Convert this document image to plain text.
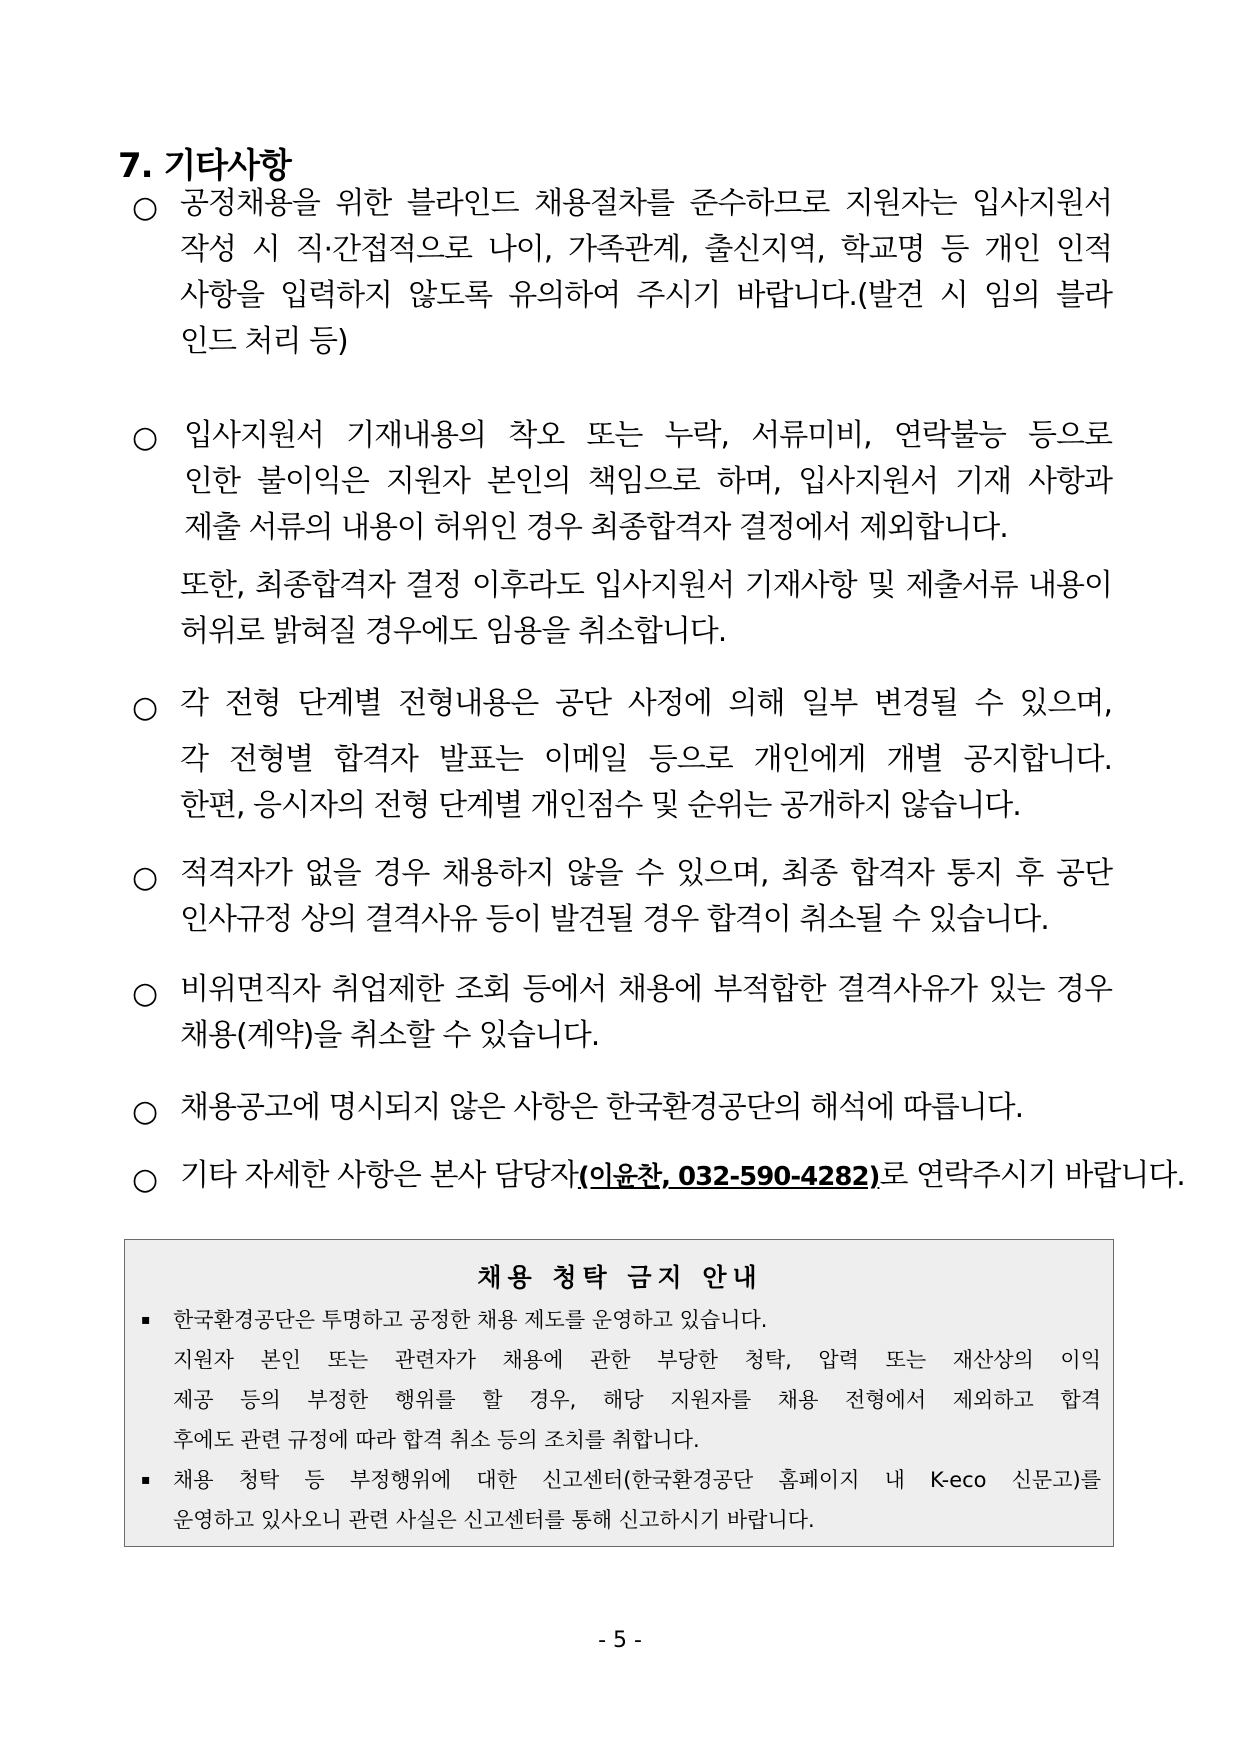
7. 기타사항
○ 공정채용을 위한 블라인드 채용절차를 준수하므로 지원자는 입사지원서
작성 시 직·간접적으로 나이, 가족관계, 출신지역, 학교명 등 개인 인적
사항을 입력하지 않도록 유의하여 주시기 바랍니다.(발견 시 임의 블라
인드 처리 등)
○ 입사지원서 기재내용의 착오 또는 누락, 서류미비, 연락불능 등으로
인한 불이익은 지원자 본인의 책임으로 하며, 입사지원서 기재 사항과
제출 서류의 내용이 허위인 경우 최종합격자 결정에서 제외합니다.
또한, 최종합격자 결정 이후라도 입사지원서 기재사항 및 제출서류 내용이
허위로 밝혀질 경우에도 임용을 취소합니다.
○ 각 전형 단계별 전형내용은 공단 사정에 의해 일부 변경될 수 있으며,
각 전형별 합격자 발표는 이메일 등으로 개인에게 개별 공지합니다.
한편, 응시자의 전형 단계별 개인점수 및 순위는 공개하지 않습니다.
○ 적격자가 없을 경우 채용하지 않을 수 있으며, 최종 합격자 통지 후 공단
인사규정 상의 결격사유 등이 발견될 경우 합격이 취소될 수 있습니다.
○ 비위면직자 취업제한 조회 등에서 채용에 부적합한 결격사유가 있는 경우
채용(계약)을 취소할 수 있습니다.
○ 채용공고에 명시되지 않은 사항은 한국환경공단의 해석에 따릅니다.
○ 기타 자세한 사항은 본사 담당자(이윤찬, 032-590-4282)로 연락주시기 바랍니다.
채용 청탁 금지 안내
▪ 한국환경공단은 투명하고 공정한 채용 제도를 운영하고 있습니다.
지원자 본인 또는 관련자가 채용에 관한 부당한 청탁, 압력 또는 재산상의 이익
제공 등의 부정한 행위를 할 경우, 해당 지원자를 채용 전형에서 제외하고 합격
후에도 관련 규정에 따라 합격 취소 등의 조치를 취합니다.
▪ 채용 청탁 등 부정행위에 대한 신고센터(한국환경공단 홈페이지 내 K-eco 신문고)를
운영하고 있사오니 관련 사실은 신고센터를 통해 신고하시기 바랍니다.
- 5 -
